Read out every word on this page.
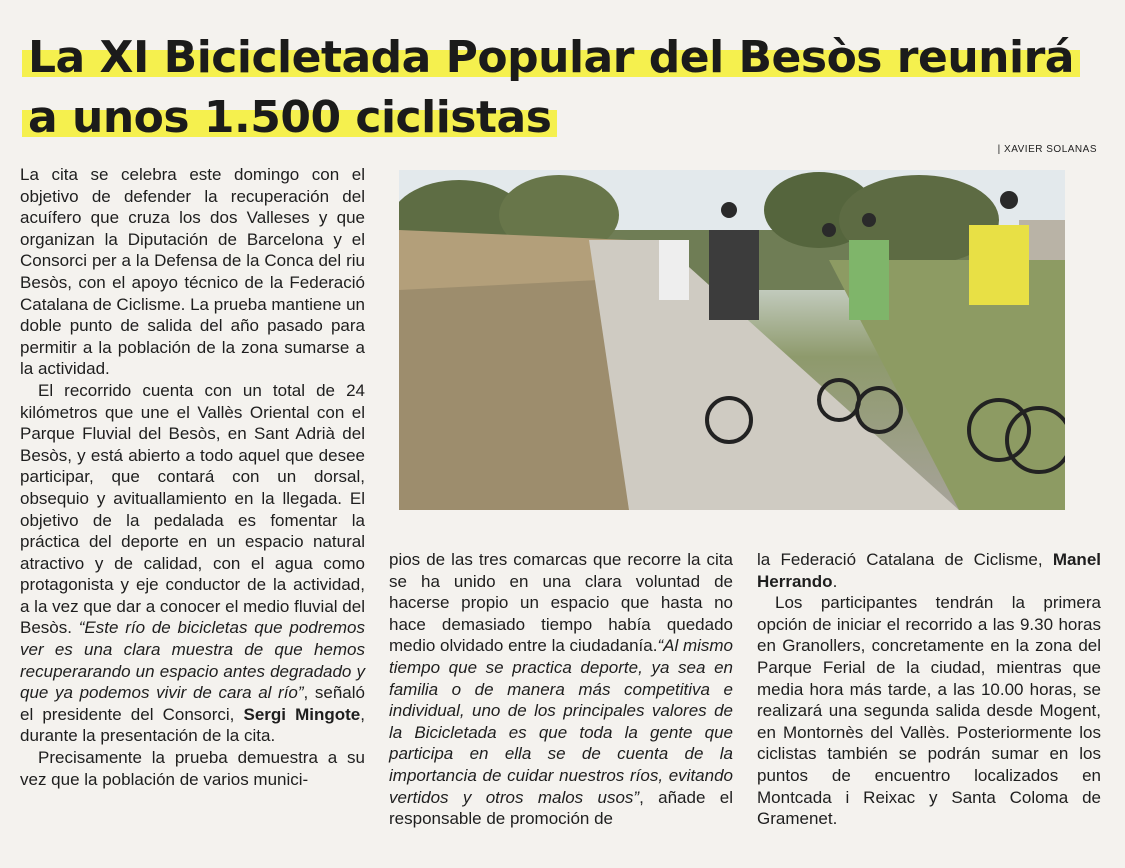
La XI Bicicletada Popular del Besòs reunirá
a unos 1.500 ciclistas
| XAVIER SOLANAS

La cita se celebra este domingo con el objetivo de defender la recuperación del acuífero que cruza los dos Valleses y que organizan la Diputación de Barcelona y el Consorci per a la Defensa de la Conca del riu Besòs, con el apoyo técnico de la Federació Catalana de Ciclisme. La prueba mantiene un doble punto de salida del año pasado para permitir a la población de la zona sumarse a la actividad.

El recorrido cuenta con un total de 24 kilómetros que une el Vallès Oriental con el Parque Fluvial del Besòs, en Sant Adrià del Besòs, y está abierto a todo aquel que desee participar, que contará con un dorsal, obsequio y avituallamiento en la llegada. El objetivo de la pedalada es fomentar la práctica del deporte en un espacio natural atractivo y de calidad, con el agua como protagonista y eje conductor de la actividad, a la vez que dar a conocer el medio fluvial del Besòs. “Este río de bicicletas que podremos ver es una clara muestra de que hemos recuperarando un espacio antes degradado y que ya podemos vivir de cara al río”, señaló el presidente del Consorci, Sergi Mingote, durante la presentación de la cita.

Precisamente la prueba demuestra a su vez que la población de varios munici-

pios de las tres comarcas que recorre la cita se ha unido en una clara voluntad de hacerse propio un espacio que hasta no hace demasiado tiempo había quedado medio olvidado entre la ciudadanía.“Al mismo tiempo que se practica deporte, ya sea en familia o de manera más competitiva e individual, uno de los principales valores de la Bicicletada es que toda la gente que participa en ella se de cuenta de la importancia de cuidar nuestros ríos, evitando vertidos y otros malos usos”, añade el responsable de promoción de

la Federació Catalana de Ciclisme, Manel Herrando.

Los participantes tendrán la primera opción de iniciar el recorrido a las 9.30 horas en Granollers, concretamente en la zona del Parque Ferial de la ciudad, mientras que media hora más tarde, a las 10.00 horas, se realizará una segunda salida desde Mogent, en Montornès del Vallès. Posteriormente los ciclistas también se podrán sumar en los puntos de encuentro localizados en Montcada i Reixac y Santa Coloma de Gramenet.
